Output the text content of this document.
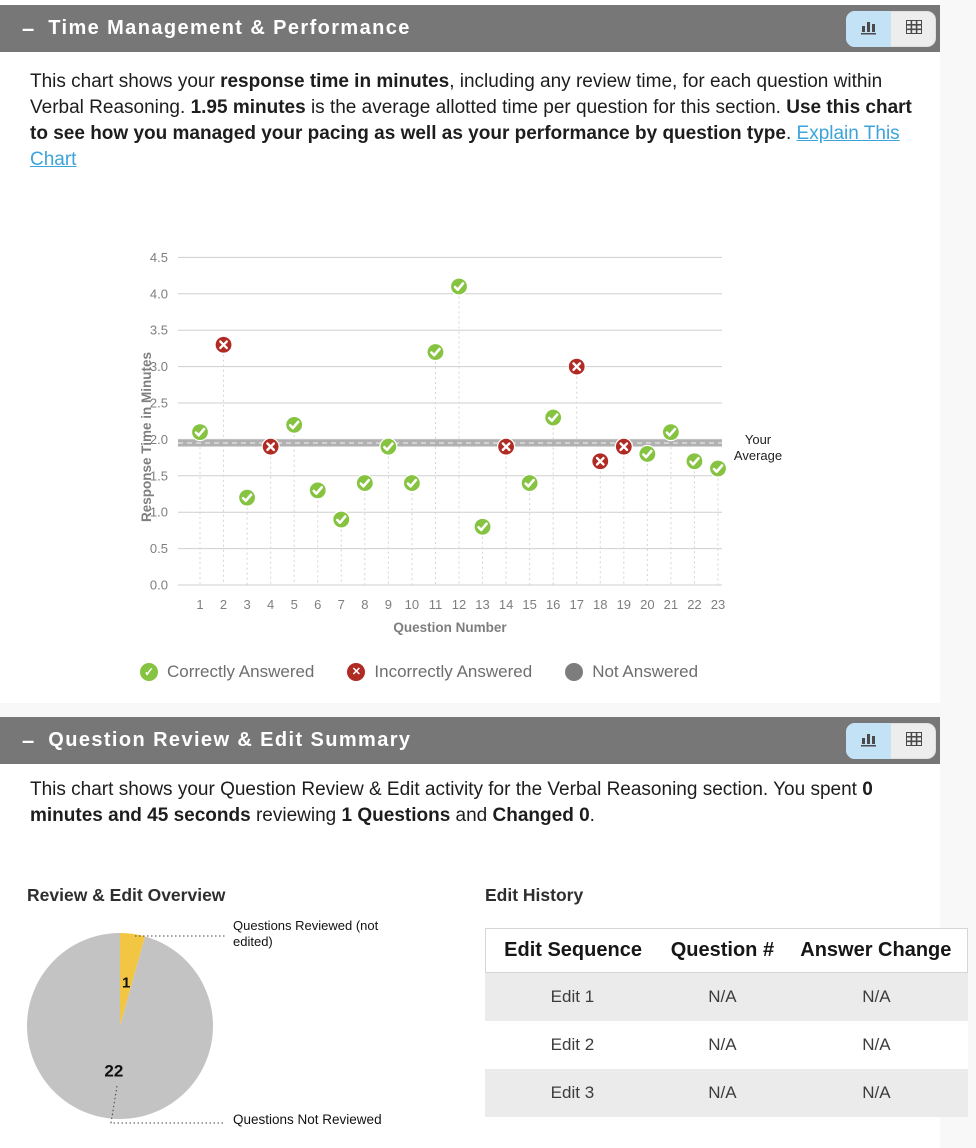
– Time Management & Performance
This chart shows your response time in minutes, including any review time, for each question within Verbal Reasoning. 1.95 minutes is the average allotted time per question for this section. Use this chart to see how you managed your pacing as well as your performance by question type. Explain This Chart
0.0
0.5
1.0
1.5
2.0
2.5
3.0
3.5
4.0
4.5
Response Time in Minutes
1 2 3 4 5 6 7 8 9 10 11 12 13 14 15 16 17 18 19 20 21 22 23
Question Number
Your Average
✓ Correctly Answered	✕ Incorrectly Answered	Not Answered
– Question Review & Edit Summary
This chart shows your Question Review & Edit activity for the Verbal Reasoning section. You spent 0 minutes and 45 seconds reviewing 1 Questions and Changed 0.
Review & Edit Overview
1
22
Questions Reviewed (not edited)
Questions Not Reviewed
Edit History
Edit Sequence	Question #	Answer Change
Edit 1	N/A	N/A
Edit 2	N/A	N/A
Edit 3	N/A	N/A
